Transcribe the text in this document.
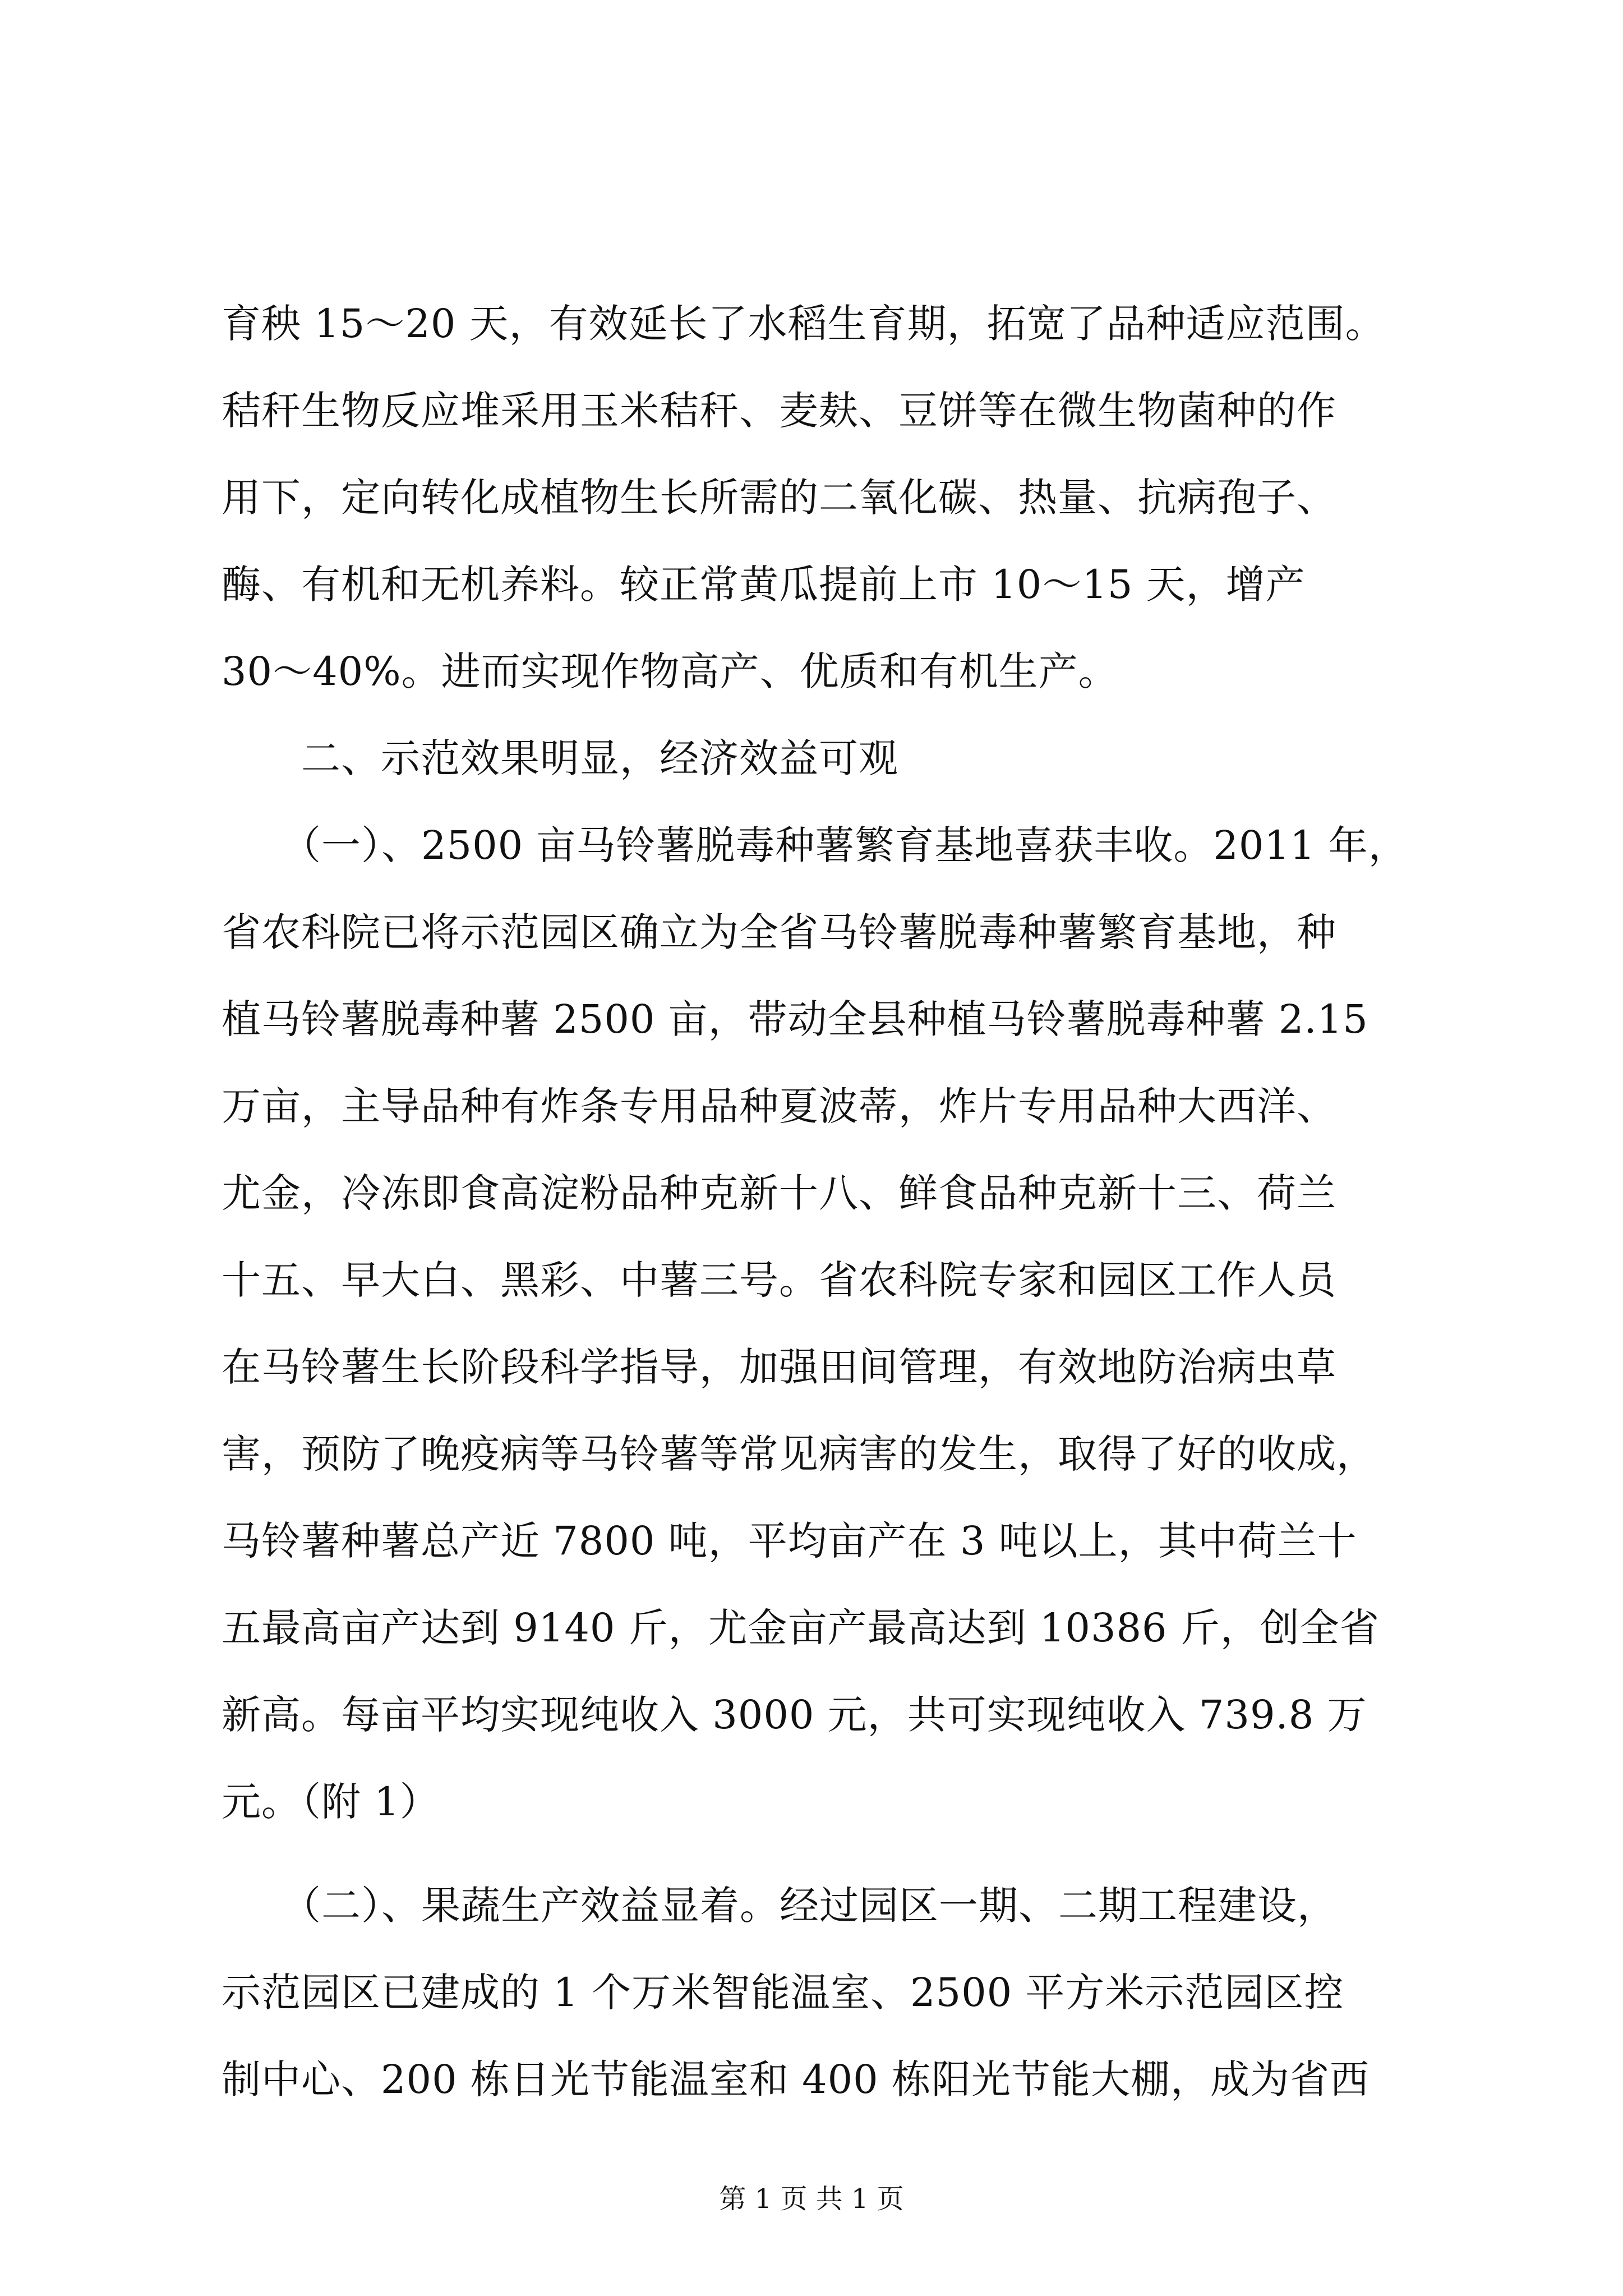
育秧 15～20 天，有效延长了水稻生育期，拓宽了品种适应范围。
秸秆生物反应堆采用玉米秸秆、麦麸、豆饼等在微生物菌种的作
用下，定向转化成植物生长所需的二氧化碳、热量、抗病孢子、
酶、有机和无机养料。较正常黄瓜提前上市 10～15 天，增产
30～40%。进而实现作物高产、优质和有机生产。
　　二、示范效果明显，经济效益可观
　　（一）、2500 亩马铃薯脱毒种薯繁育基地喜获丰收。2011 年，
省农科院已将示范园区确立为全省马铃薯脱毒种薯繁育基地，种
植马铃薯脱毒种薯 2500 亩，带动全县种植马铃薯脱毒种薯 2.15
万亩，主导品种有炸条专用品种夏波蒂，炸片专用品种大西洋、
尤金，冷冻即食高淀粉品种克新十八、鲜食品种克新十三、荷兰
十五、早大白、黑彩、中薯三号。省农科院专家和园区工作人员
在马铃薯生长阶段科学指导，加强田间管理，有效地防治病虫草
害，预防了晚疫病等马铃薯等常见病害的发生，取得了好的收成，
马铃薯种薯总产近 7800 吨，平均亩产在 3 吨以上，其中荷兰十
五最高亩产达到 9140 斤，尤金亩产最高达到 10386 斤，创全省
新高。每亩平均实现纯收入 3000 元，共可实现纯收入 739.8 万
元。（附 1）
　　（二）、果蔬生产效益显着。经过园区一期、二期工程建设，
示范园区已建成的 1 个万米智能温室、2500 平方米示范园区控
制中心、200 栋日光节能温室和 400 栋阳光节能大棚，成为省西
第 1 页 共 1 页
